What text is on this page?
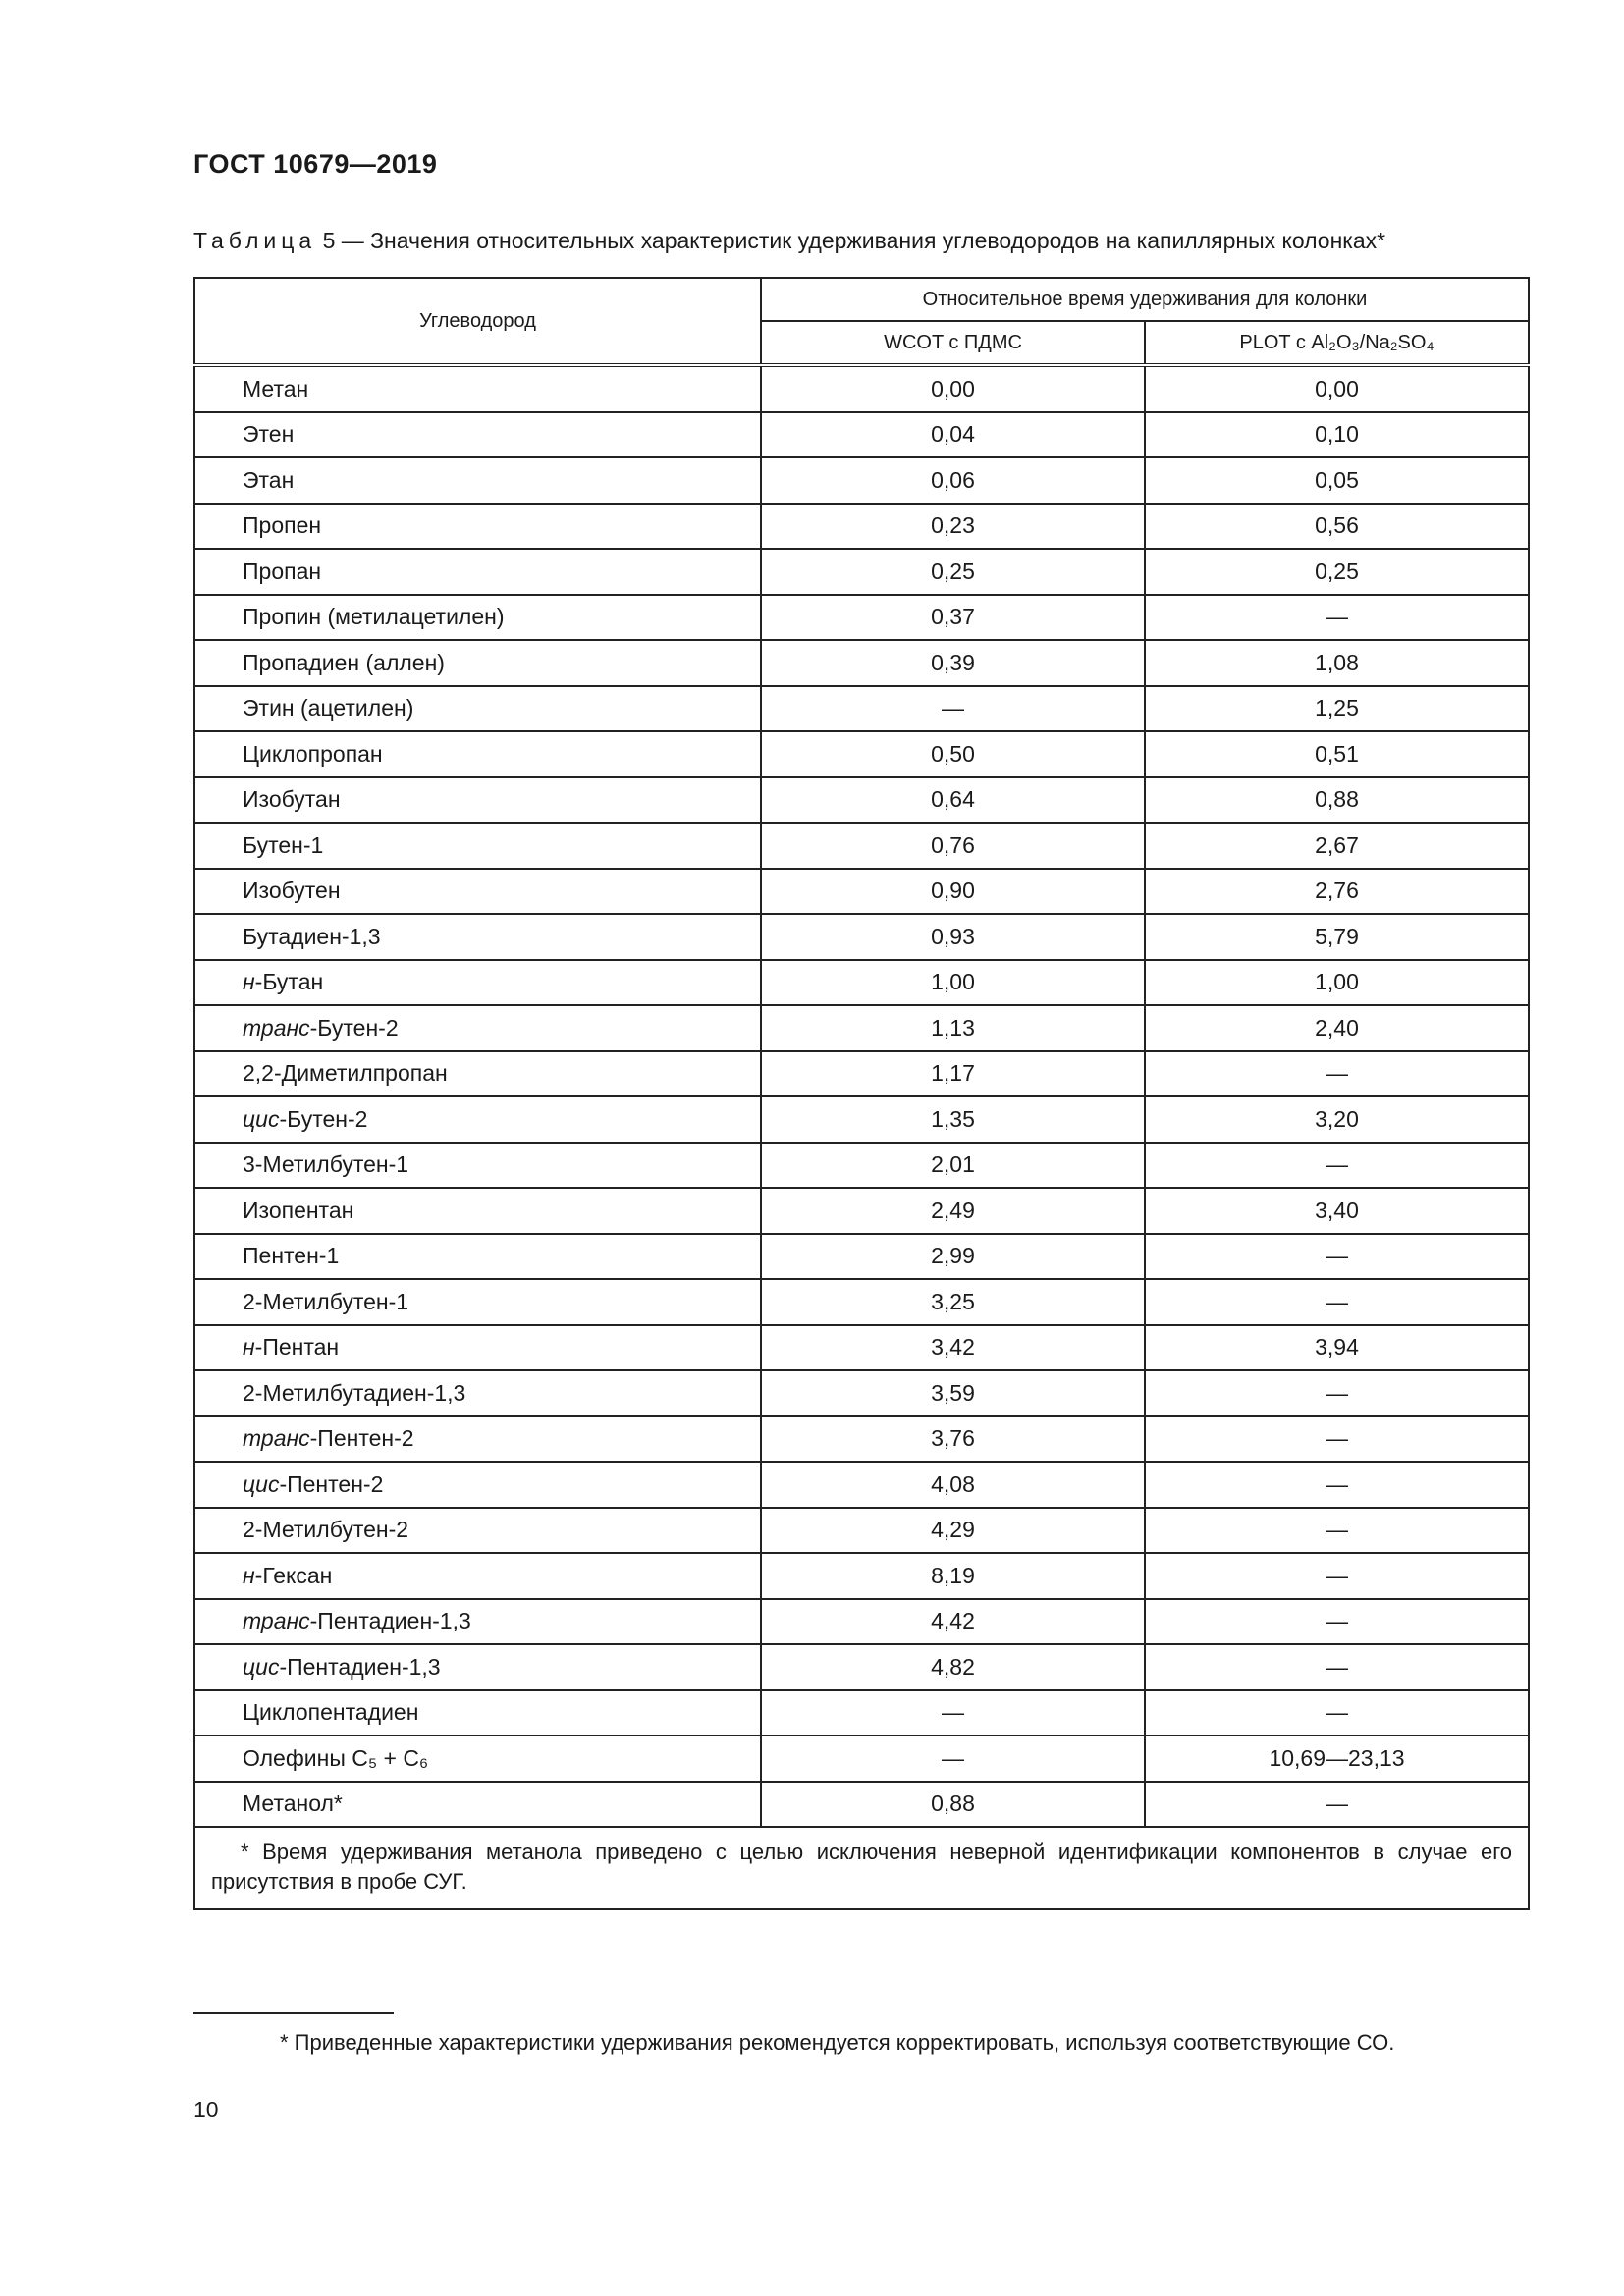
ГОСТ 10679—2019
Таблица 5 — Значения относительных характеристик удерживания углеводородов на капиллярных колонках*
Углеводород	Относительное время удерживания для колонки	
	WCOT с ПДМС	PLOT с Al₂O₃/Na₂SO₄
Метан	0,00	0,00
Этен	0,04	0,10
Этан	0,06	0,05
Пропен	0,23	0,56
Пропан	0,25	0,25
Пропин (метилацетилен)	0,37	—
Пропадиен (аллен)	0,39	1,08
Этин (ацетилен)	—	1,25
Циклопропан	0,50	0,51
Изобутан	0,64	0,88
Бутен-1	0,76	2,67
Изобутен	0,90	2,76
Бутадиен-1,3	0,93	5,79
н-Бутан	1,00	1,00
транс-Бутен-2	1,13	2,40
2,2-Диметилпропан	1,17	—
цис-Бутен-2	1,35	3,20
3-Метилбутен-1	2,01	—
Изопентан	2,49	3,40
Пентен-1	2,99	—
2-Метилбутен-1	3,25	—
н-Пентан	3,42	3,94
2-Метилбутадиен-1,3	3,59	—
транс-Пентен-2	3,76	—
цис-Пентен-2	4,08	—
2-Метилбутен-2	4,29	—
н-Гексан	8,19	—
транс-Пентадиен-1,3	4,42	—
цис-Пентадиен-1,3	4,82	—
Циклопентадиен	—	—
Олефины C₅ + C₆	—	10,69—23,13
Метанол*	0,88	—
* Время удерживания метанола приведено с целью исключения неверной идентификации компонентов в случае его присутствия в пробе СУГ.		
* Приведенные характеристики удерживания рекомендуется корректировать, используя соответствующие СО.
10
